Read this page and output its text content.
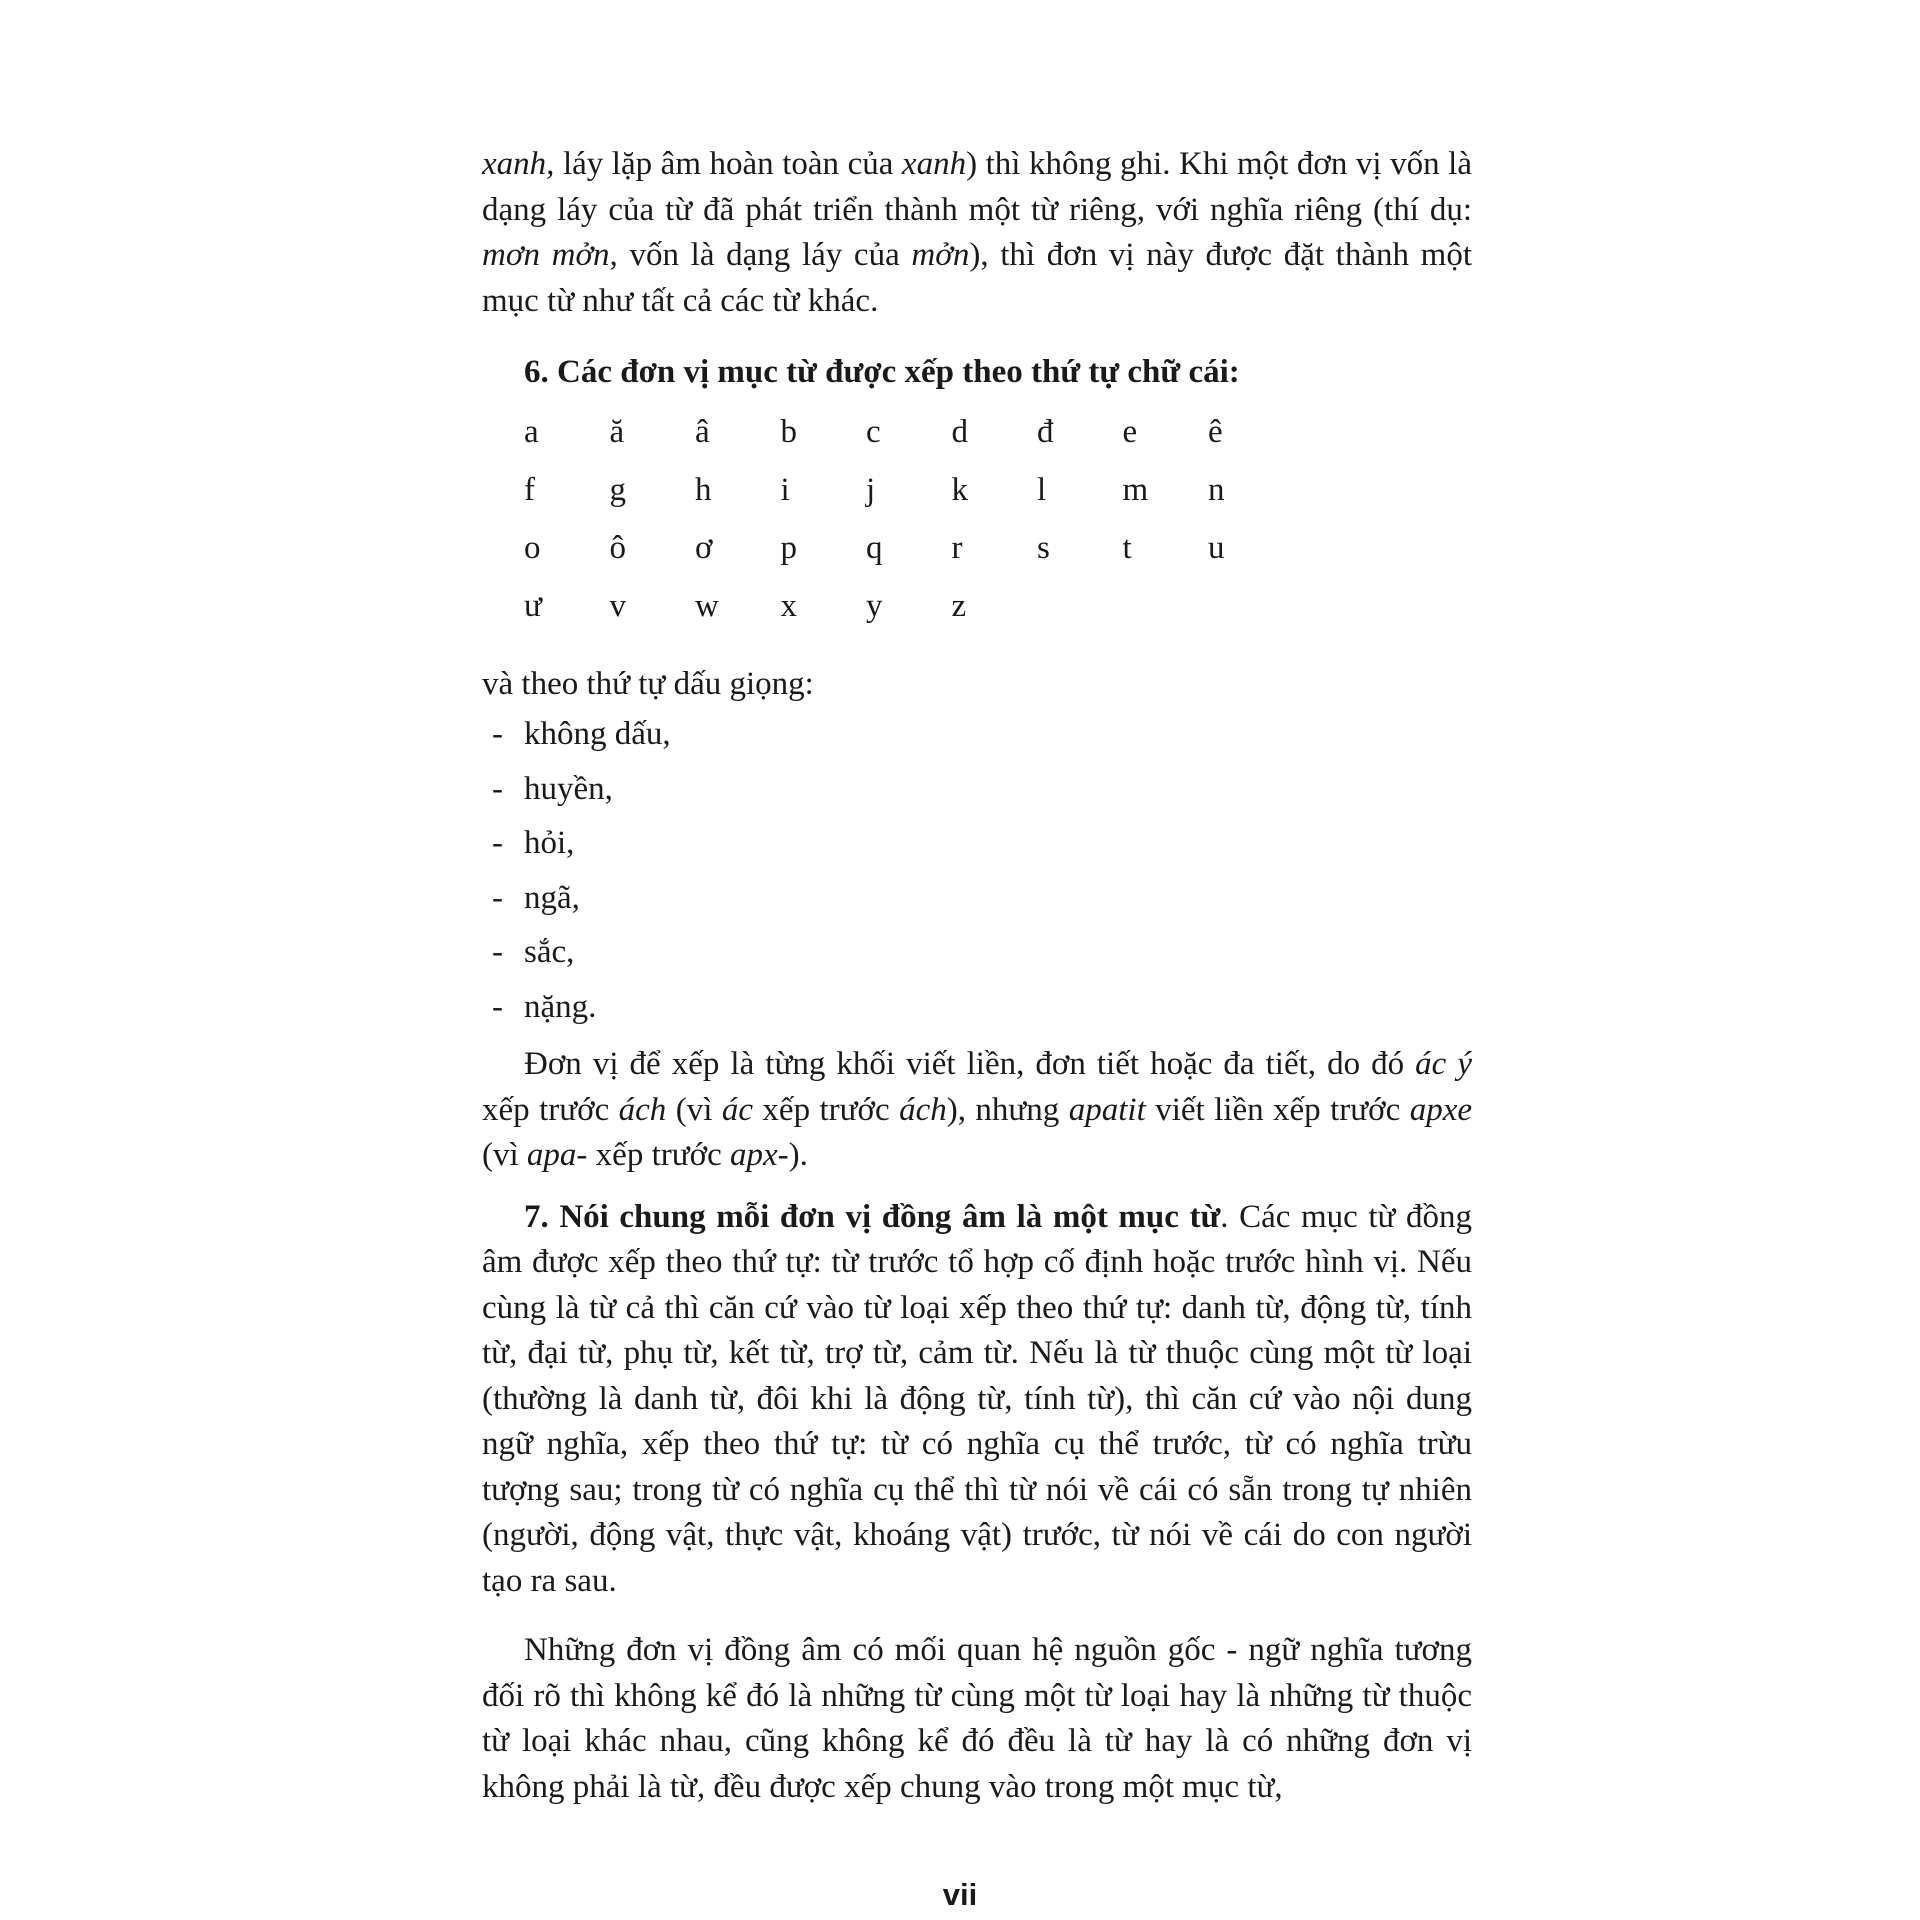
xanh, láy lặp âm hoàn toàn của xanh) thì không ghi. Khi một đơn vị vốn là dạng láy của từ đã phát triển thành một từ riêng, với nghĩa riêng (thí dụ: mơn mởn, vốn là dạng láy của mởn), thì đơn vị này được đặt thành một mục từ như tất cả các từ khác.

6. Các đơn vị mục từ được xếp theo thứ tự chữ cái:

a	ă	â	b	c	d	đ	e	ê
f	g	h	i	j	k	l	m	n
o	ô	ơ	p	q	r	s	t	u
ư	v	w	x	y	z

và theo thứ tự dấu giọng:

- không dấu,
- huyền,
- hỏi,
- ngã,
- sắc,
- nặng.

Đơn vị để xếp là từng khối viết liền, đơn tiết hoặc đa tiết, do đó ác ý xếp trước ách (vì ác xếp trước ách), nhưng apatit viết liền xếp trước apxe (vì apa- xếp trước apx-).

7. Nói chung mỗi đơn vị đồng âm là một mục từ. Các mục từ đồng âm được xếp theo thứ tự: từ trước tổ hợp cố định hoặc trước hình vị. Nếu cùng là từ cả thì căn cứ vào từ loại xếp theo thứ tự: danh từ, động từ, tính từ, đại từ, phụ từ, kết từ, trợ từ, cảm từ. Nếu là từ thuộc cùng một từ loại (thường là danh từ, đôi khi là động từ, tính từ), thì căn cứ vào nội dung ngữ nghĩa, xếp theo thứ tự: từ có nghĩa cụ thể trước, từ có nghĩa trừu tượng sau; trong từ có nghĩa cụ thể thì từ nói về cái có sẵn trong tự nhiên (người, động vật, thực vật, khoáng vật) trước, từ nói về cái do con người tạo ra sau.

Những đơn vị đồng âm có mối quan hệ nguồn gốc - ngữ nghĩa tương đối rõ thì không kể đó là những từ cùng một từ loại hay là những từ thuộc từ loại khác nhau, cũng không kể đó đều là từ hay là có những đơn vị không phải là từ, đều được xếp chung vào trong một mục từ,

vii
